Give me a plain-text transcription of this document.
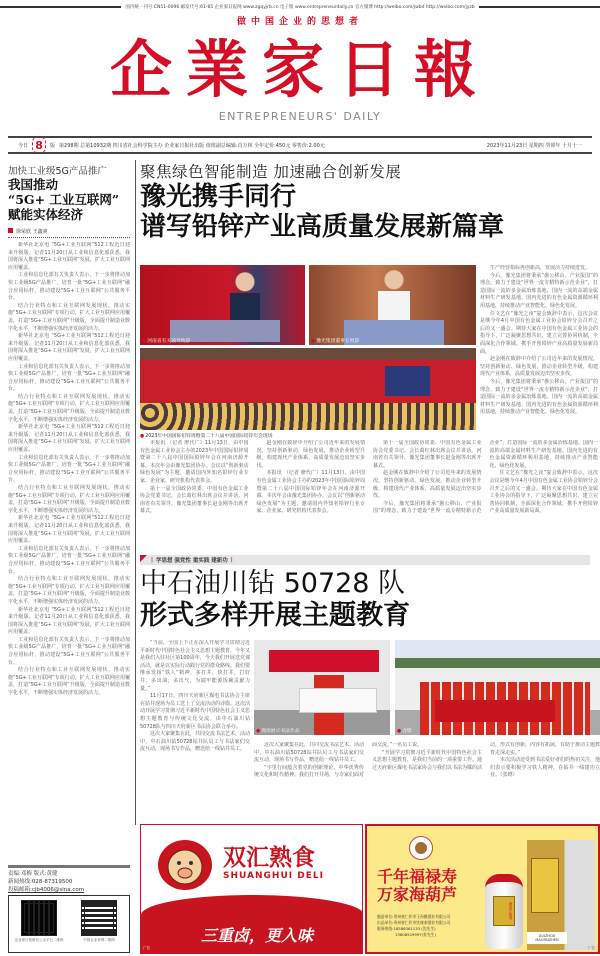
国内统一刊号:CN51-0096 邮发代号:61-85 企业家日报网 www.zgqyjrb.cn 电子版 www.entrepreneurdaily.cn 官方微博 http://weibo.com/jwbd http://weibo.com/jyzb
做中国企业的思想者
企業家日報
ENTREPRENEURS' DAILY
今日 8	版 第298期 总第10932期 四川省社会科学院主办 企业家日报社出版 值班副总编辑:肖万林 全年定价:450元 零售价:2.00元	2023年11月23日 星期四 癸卯年 十月十一
加快工业级5G产品推广
我国推动
“5G+ 工业互联网”
赋能实体经济
徐荣欣 王鑫爽

新华社北京电 “5G+工业互联网”512工程近日迎来升级版。记者11月20日从工业和信息化部获悉，我国将深入推进“5G+工业互联网”发展，扩大工业互联网应用覆盖。

工业和信息化部有关负责人表示，下一步将推动加快工业级5G产品推广，培育一批“5G+工业互联网”融合应用标杆，推动建设“5G+工业互联网”公共服务平台。

结合行业特点和工业互联网发展现状，推动实施“5G+工业互联网”专项行动，扩大工业互联网应用覆盖，打造“5G+工业互联网”升级版，全面提升制造业数字化水平，不断增强实体经济发展的活力。

新华社北京电 “5G+工业互联网”512工程近日迎来升级版。记者11月20日从工业和信息化部获悉，我国将深入推进“5G+工业互联网”发展，扩大工业互联网应用覆盖。

工业和信息化部有关负责人表示，下一步将推动加快工业级5G产品推广，培育一批“5G+工业互联网”融合应用标杆，推动建设“5G+工业互联网”公共服务平台。

结合行业特点和工业互联网发展现状，推动实施“5G+工业互联网”专项行动，扩大工业互联网应用覆盖，打造“5G+工业互联网”升级版，全面提升制造业数字化水平，不断增强实体经济发展的活力。

新华社北京电 “5G+工业互联网”512工程近日迎来升级版。记者11月20日从工业和信息化部获悉，我国将深入推进“5G+工业互联网”发展，扩大工业互联网应用覆盖。

工业和信息化部有关负责人表示，下一步将推动加快工业级5G产品推广，培育一批“5G+工业互联网”融合应用标杆，推动建设“5G+工业互联网”公共服务平台。

结合行业特点和工业互联网发展现状，推动实施“5G+工业互联网”专项行动，扩大工业互联网应用覆盖，打造“5G+工业互联网”升级版，全面提升制造业数字化水平，不断增强实体经济发展的活力。

新华社北京电 “5G+工业互联网”512工程近日迎来升级版。记者11月20日从工业和信息化部获悉，我国将深入推进“5G+工业互联网”发展，扩大工业互联网应用覆盖。

工业和信息化部有关负责人表示，下一步将推动加快工业级5G产品推广，培育一批“5G+工业互联网”融合应用标杆，推动建设“5G+工业互联网”公共服务平台。

结合行业特点和工业互联网发展现状，推动实施“5G+工业互联网”专项行动，扩大工业互联网应用覆盖，打造“5G+工业互联网”升级版，全面提升制造业数字化水平，不断增强实体经济发展的活力。

新华社北京电 “5G+工业互联网”512工程近日迎来升级版。记者11月20日从工业和信息化部获悉，我国将深入推进“5G+工业互联网”发展，扩大工业互联网应用覆盖。

工业和信息化部有关负责人表示，下一步将推动加快工业级5G产品推广，培育一批“5G+工业互联网”融合应用标杆，推动建设“5G+工业互联网”公共服务平台。

结合行业特点和工业互联网发展现状，推动实施“5G+工业互联网”专项行动，扩大工业互联网应用覆盖，打造“5G+工业互联网”升级版，全面提升制造业数字化水平，不断增强实体经济发展的活力。

责编:邓梅 版式:黄健
新闻热线:028-87319500
投稿邮箱:cjb4006@sina.com
企业家日报微信公众平台二维码	中国企业家网二维码
聚焦绿色智能制造 加速融合创新发展
豫光携手同行
谱写铅锌产业高质量发展新篇章
● 河南省有关领导致辞	● 豫光集团董事长致辞
● 2023年中国国际铅锌周暨第二十八届中国国际铅锌年会现场

生产经营指标再创新高，发展活力持续迸发。

今后，豫光集团将秉承“愚公移山，产业报国”的理念，致力于建设“世界一流专精特新示范企业”，打造国际一流的多金属冶炼基地、国内一流的高端金属材料生产研发基地、国内先进的有色金属资源循环利用基地，持续推动产业智能化、绿色化发展。

任文艺在“豫光之夜”宴会致辞中表示，这次会议是继今年4月中国有色金属工业协会铅锌分会召开之后的又一盛会。期待大家在中国有色金属工业协会的指导下，广泛凝聚思想共识，建立完善协同机制，全面深化合作领域，携手开创铅锌产业高质量发展新局面。

赵金刚在致辞中介绍了公司近年来的发展情况，坚持创新驱动、绿色发展，推动企业转型升级，构建现代产业体系，高质量发展迈出坚实步伐。

今后，豫光集团将秉承“愚公移山，产业报国”的理念，致力于建设“世界一流专精特新示范企业”，打造国际一流的多金属冶炼基地、国内一流的高端金属材料生产研发基地、国内先进的有色金属资源循环利用基地，持续推动产业智能化、绿色化发展。

本报讯 （记者 廖代广）11月13日，由中国有色金属工业协会主办的2023年中国国际铅锌周暨第二十八届中国国际铅锌年会在河南济源开幕。本次年会由豫光集团协办。会议以“创新驱动 绿色发展”为主题，邀请国内外知名铅锌行业专家、企业家、研究机构代表参会。

第十一届全国政协常委、中国有色金属工业协会党委书记、会长葛红林出席会议并讲话。河南省有关领导、豫光集团董事长赵金刚等出席开幕式。

赵金刚在致辞中介绍了公司近年来的发展情况，坚持创新驱动、绿色发展，推动企业转型升级，构建现代产业体系，高质量发展迈出坚实步伐。

本报讯 （记者 廖代广）11月13日，由中国有色金属工业协会主办的2023年中国国际铅锌周暨第二十八届中国国际铅锌年会在河南济源开幕。本次年会由豫光集团协办。会议以“创新驱动 绿色发展”为主题，邀请国内外知名铅锌行业专家、企业家、研究机构代表参会。

第十一届全国政协常委、中国有色金属工业协会党委书记、会长葛红林出席会议并讲话。河南省有关领导、豫光集团董事长赵金刚等出席开幕式。

赵金刚在致辞中介绍了公司近年来的发展情况，坚持创新驱动、绿色发展，推动企业转型升级，构建现代产业体系，高质量发展迈出坚实步伐。

今后，豫光集团将秉承“愚公移山，产业报国”的理念，致力于建设“世界一流专精特新示范企业”，打造国际一流的多金属冶炼基地、国内一流的高端金属材料生产研发基地、国内先进的有色金属资源循环利用基地，持续推动产业智能化、绿色化发展。

任文艺在“豫光之夜”宴会致辞中表示，这次会议是继今年4月中国有色金属工业协会铅锌分会召开之后的又一盛会。期待大家在中国有色金属工业协会的指导下，广泛凝聚思想共识，建立完善协同机制，全面深化合作领域，携手开创铅锌产业高质量发展新局面。

| 学思想 强党性 重实践 建新功 |
中石油川钻 50728 队
形式多样开展主题教育

“当前，全国上下正在深入开展学习贯彻习近平新时代中国特色社会主义思想主题教育，今年又是我们入驻社区第100周年，今天我们开展送党课活动，就是以实际行动践行党的群众路线。我们要继承发扬“铁人”精神，多打井，快打井，打好井，多出油，多出气，为端牢能源饭碗贡献力量。”

11月17日，四川天府新区煤电书法协会主席在钻井现场为员工送上了交流活动的诗篇。这次活动开展学习贯彻习近平新时代中国特色社会主义思想主题教育与传统文化交流，由中石油川钻50728队与四川天府新区书法协会联合举办。

这次大家聚集在此，共同交流书法艺术。活动中，中石油川钻50728钻井队员工与书法家们交流互动，现场书写作品，赠送给一线钻井员工。

● 现场展示书法作品	● 合影

这次大家聚集在此，共同交流书法艺术。活动中，中石油川钻50728钻井队员工与书法家们交流互动，现场书写作品，赠送给一线钻井员工。

“字里行间蕴含着党的创新理论，中华优秀传统文化和时代精神。我们打开井场，与专家们面对面交流。”一名员工说。

“开展学习贯彻习近平新时代中国特色社会主义思想主题教育，是我们当前的一项重要工作。通过天府新区煤电书法家协会与我们以书法为媒的活动，形式有创新，内容有拓展，有助于推动主题教育走深走实。”

本次活动还受到书法爱好者们的热切关注，他们表示要积极学习铁人精神，在钻井一线建功立业。（张晓）

双汇熟食
SHUANGHUI DELI
三重卤，更入味
广告
千年福禄寿
万家海葫芦
酿造单位:贵州省仁怀市王芮酰酒业有限公司
出品单位:贵州省仁怀市饮康泰酒业有限公司
服务热线:18586361133 (沈先生)
13608529997(张先生)
海葫芦酱酒
GUIZHOU MAOPAIZHEN
广告
